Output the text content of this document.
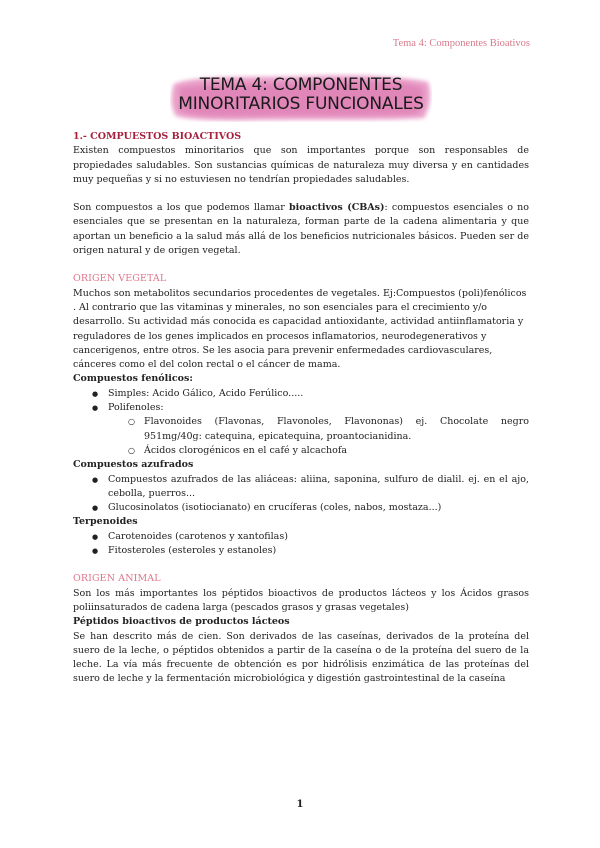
Tema 4: Componentes Bioativos
TEMA 4: COMPONENTES
MINORITARIOS FUNCIONALES

1.- COMPUESTOS BIOACTIVOS

Existen compuestos minoritarios que son importantes porque son responsables de propiedades saludables. Son sustancias químicas de naturaleza muy diversa y en cantidades muy pequeñas y si no estuviesen no tendrían propiedades saludables.

Son compuestos a los que podemos llamar bioactivos (CBAs): compuestos esenciales o no esenciales que se presentan en la naturaleza, forman parte de la cadena alimentaria y que aportan un beneficio a la salud más allá de los beneficios nutricionales básicos. Pueden ser de origen natural y de origen vegetal.

ORIGEN VEGETAL

Muchos son metabolitos secundarios procedentes de vegetales. Ej:Compuestos (poli)fenólicos . Al contrario que las vitaminas y minerales, no son esenciales para el crecimiento y/o desarrollo. Su actividad más conocida es capacidad antioxidante, actividad antiinflamatoria y reguladores de los genes implicados en procesos inflamatorios, neurodegenerativos y cancerigenos, entre otros. Se les asocia para prevenir enfermedades cardiovasculares, cánceres como el del colon rectal o el cáncer de mama.

Compuestos fenólicos:

● Simples: Acido Gálico, Acido Ferúlico.....
● Polifenoles:
○ Flavonoides (Flavonas, Flavonoles, Flavononas) ej. Chocolate negro 951mg/40g: catequina, epicatequina, proantocianidina.
○ Ácidos clorogénicos en el café y alcachofa

Compuestos azufrados

● Compuestos azufrados de las aliáceas: aliina, saponina, sulfuro de dialil. ej. en el ajo, cebolla, puerros...
● Glucosinolatos (isotiocianato) en crucíferas (coles, nabos, mostaza...)

Terpenoides

● Carotenoides (carotenos y xantofilas)
● Fitosteroles (esteroles y estanoles)

ORIGEN ANIMAL

Son los más importantes los péptidos bioactivos de productos lácteos y los Ácidos grasos poliinsaturados de cadena larga (pescados grasos y grasas vegetales)

Péptidos bioactivos de productos lácteos

Se han descrito más de cien. Son derivados de las caseínas, derivados de la proteína del suero de la leche, o péptidos obtenidos a partir de la caseína o de la proteína del suero de la leche. La vía más frecuente de obtención es por hidrólisis enzimática de las proteínas del suero de leche y la fermentación microbiológica y digestión gastrointestinal de la caseína

1
